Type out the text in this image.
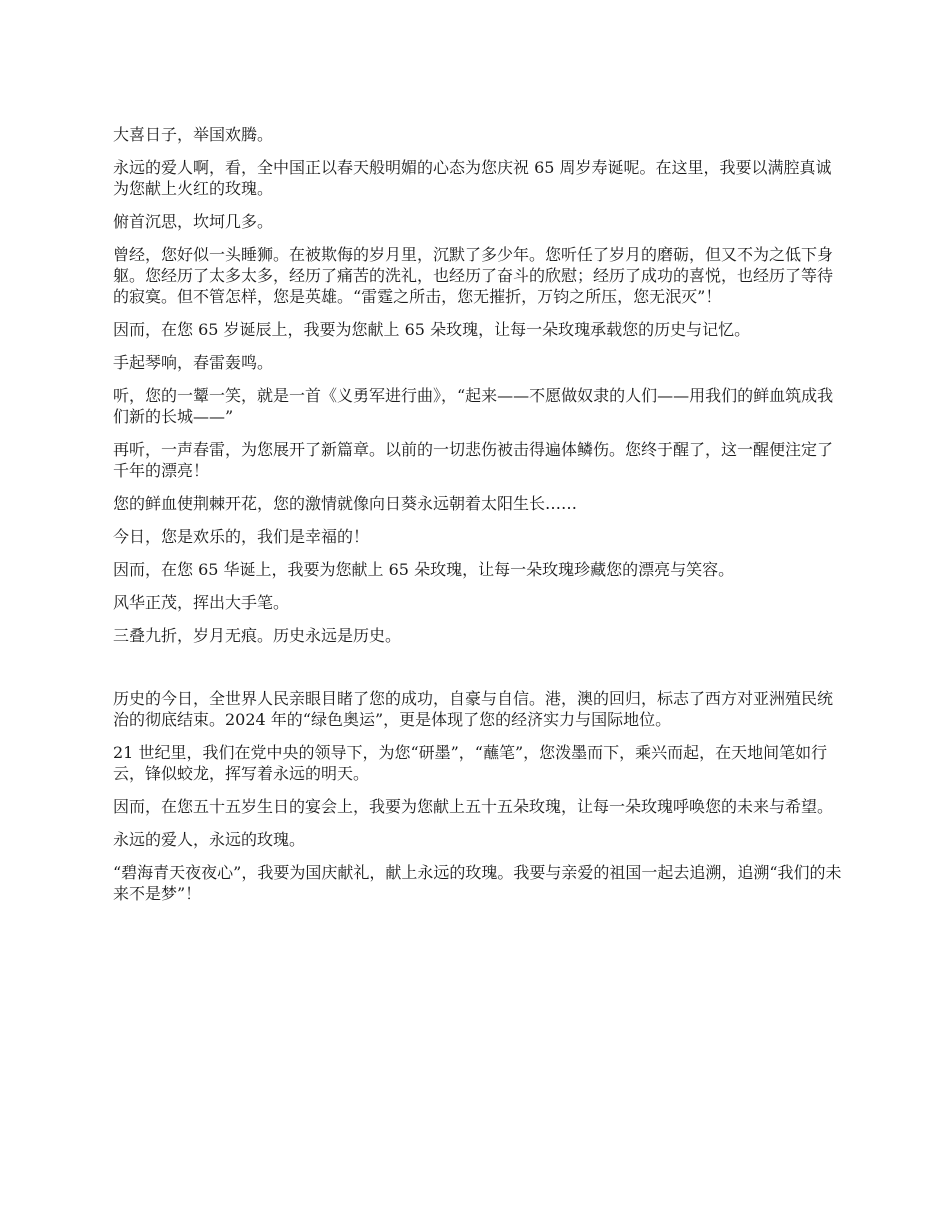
大喜日子，举国欢腾。

永远的爱人啊，看，全中国正以春天般明媚的心态为您庆祝 65 周岁寿诞呢。在这里，我要以满腔真诚为您献上火红的玫瑰。

俯首沉思，坎坷几多。

曾经，您好似一头睡狮。在被欺侮的岁月里，沉默了多少年。您听任了岁月的磨砺，但又不为之低下身躯。您经历了太多太多，经历了痛苦的洗礼，也经历了奋斗的欣慰；经历了成功的喜悦，也经历了等待的寂寞。但不管怎样，您是英雄。“雷霆之所击，您无摧折，万钧之所压，您无泯灭”！

因而，在您 65 岁诞辰上，我要为您献上 65 朵玫瑰，让每一朵玫瑰承载您的历史与记忆。

手起琴响，春雷轰鸣。

听，您的一颦一笑，就是一首《义勇军进行曲》，“起来——不愿做奴隶的人们——用我们的鲜血筑成我们新的长城——”

再听，一声春雷，为您展开了新篇章。以前的一切悲伤被击得遍体鳞伤。您终于醒了，这一醒便注定了千年的漂亮！

您的鲜血使荆棘开花，您的激情就像向日葵永远朝着太阳生长……

今日，您是欢乐的，我们是幸福的！

因而，在您 65 华诞上，我要为您献上 65 朵玫瑰，让每一朵玫瑰珍藏您的漂亮与笑容。

风华正茂，挥出大手笔。

三叠九折，岁月无痕。历史永远是历史。

历史的今日，全世界人民亲眼目睹了您的成功，自豪与自信。港，澳的回归，标志了西方对亚洲殖民统治的彻底结束。2024 年的“绿色奥运”，更是体现了您的经济实力与国际地位。

21 世纪里，我们在党中央的领导下，为您“研墨”，“蘸笔”，您泼墨而下，乘兴而起，在天地间笔如行云，锋似蛟龙，挥写着永远的明天。

因而，在您五十五岁生日的宴会上，我要为您献上五十五朵玫瑰，让每一朵玫瑰呼唤您的未来与希望。

永远的爱人，永远的玫瑰。

“碧海青天夜夜心”，我要为国庆献礼，献上永远的玫瑰。我要与亲爱的祖国一起去追溯，追溯“我们的未来不是梦”！
